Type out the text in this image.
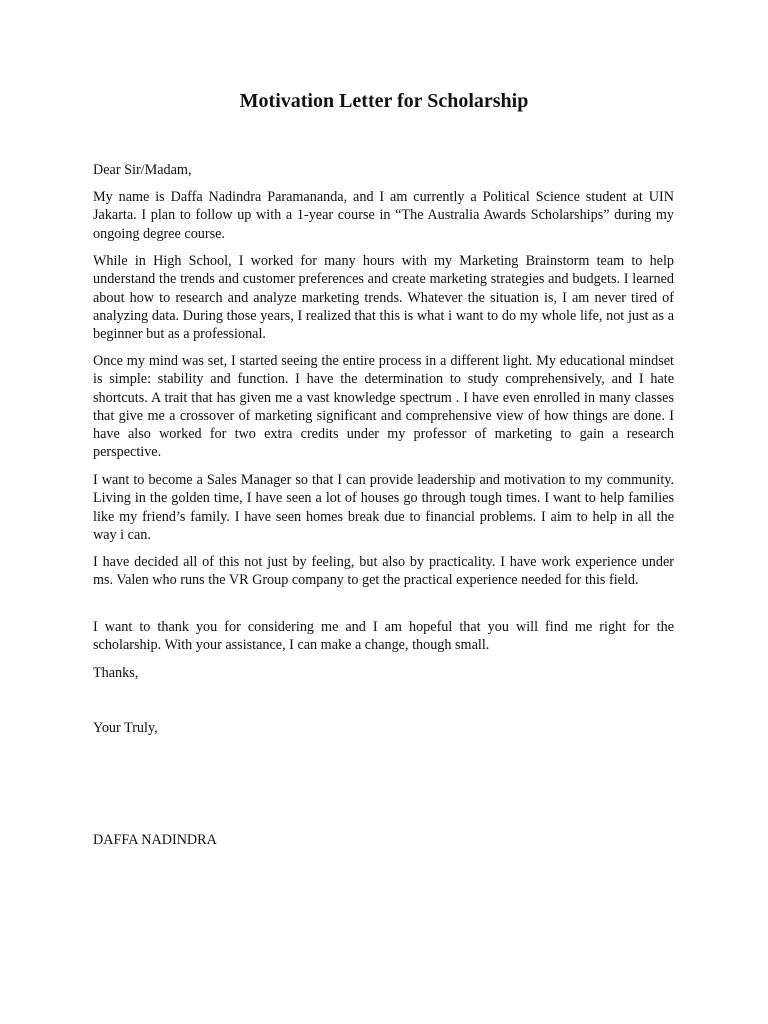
Motivation Letter for Scholarship

Dear Sir/Madam,

My name is Daffa Nadindra Paramananda, and I am currently a Political Science student at UIN Jakarta. I plan to follow up with a 1-year course in “The Australia Awards Scholarships” during my ongoing degree course.

While in High School, I worked for many hours with my Marketing Brainstorm team to help understand the trends and customer preferences and create marketing strategies and budgets. I learned about how to research and analyze marketing trends. Whatever the situation is, I am never tired of analyzing data. During those years, I realized that this is what i want to do my whole life, not just as a beginner but as a professional.

Once my mind was set, I started seeing the entire process in a different light. My educational mindset is simple: stability and function. I have the determination to study comprehensively, and I hate shortcuts. A trait that has given me a vast knowledge spectrum . I have even enrolled in many classes that give me a crossover of marketing significant and comprehensive view of how things are done. I have also worked for two extra credits under my professor of marketing to gain a research perspective.

I want to become a Sales Manager so that I can provide leadership and motivation to my community. Living in the golden time, I have seen a lot of houses go through tough times. I want to help families like my friend’s family. I have seen homes break due to financial problems. I aim to help in all the way i can.

I have decided all of this not just by feeling, but also by practicality. I have work experience under ms. Valen who runs the VR Group company to get the practical experience needed for this field.

I want to thank you for considering me and I am hopeful that you will find me right for the scholarship. With your assistance, I can make a change, though small.

Thanks,

Your Truly,

DAFFA NADINDRA
